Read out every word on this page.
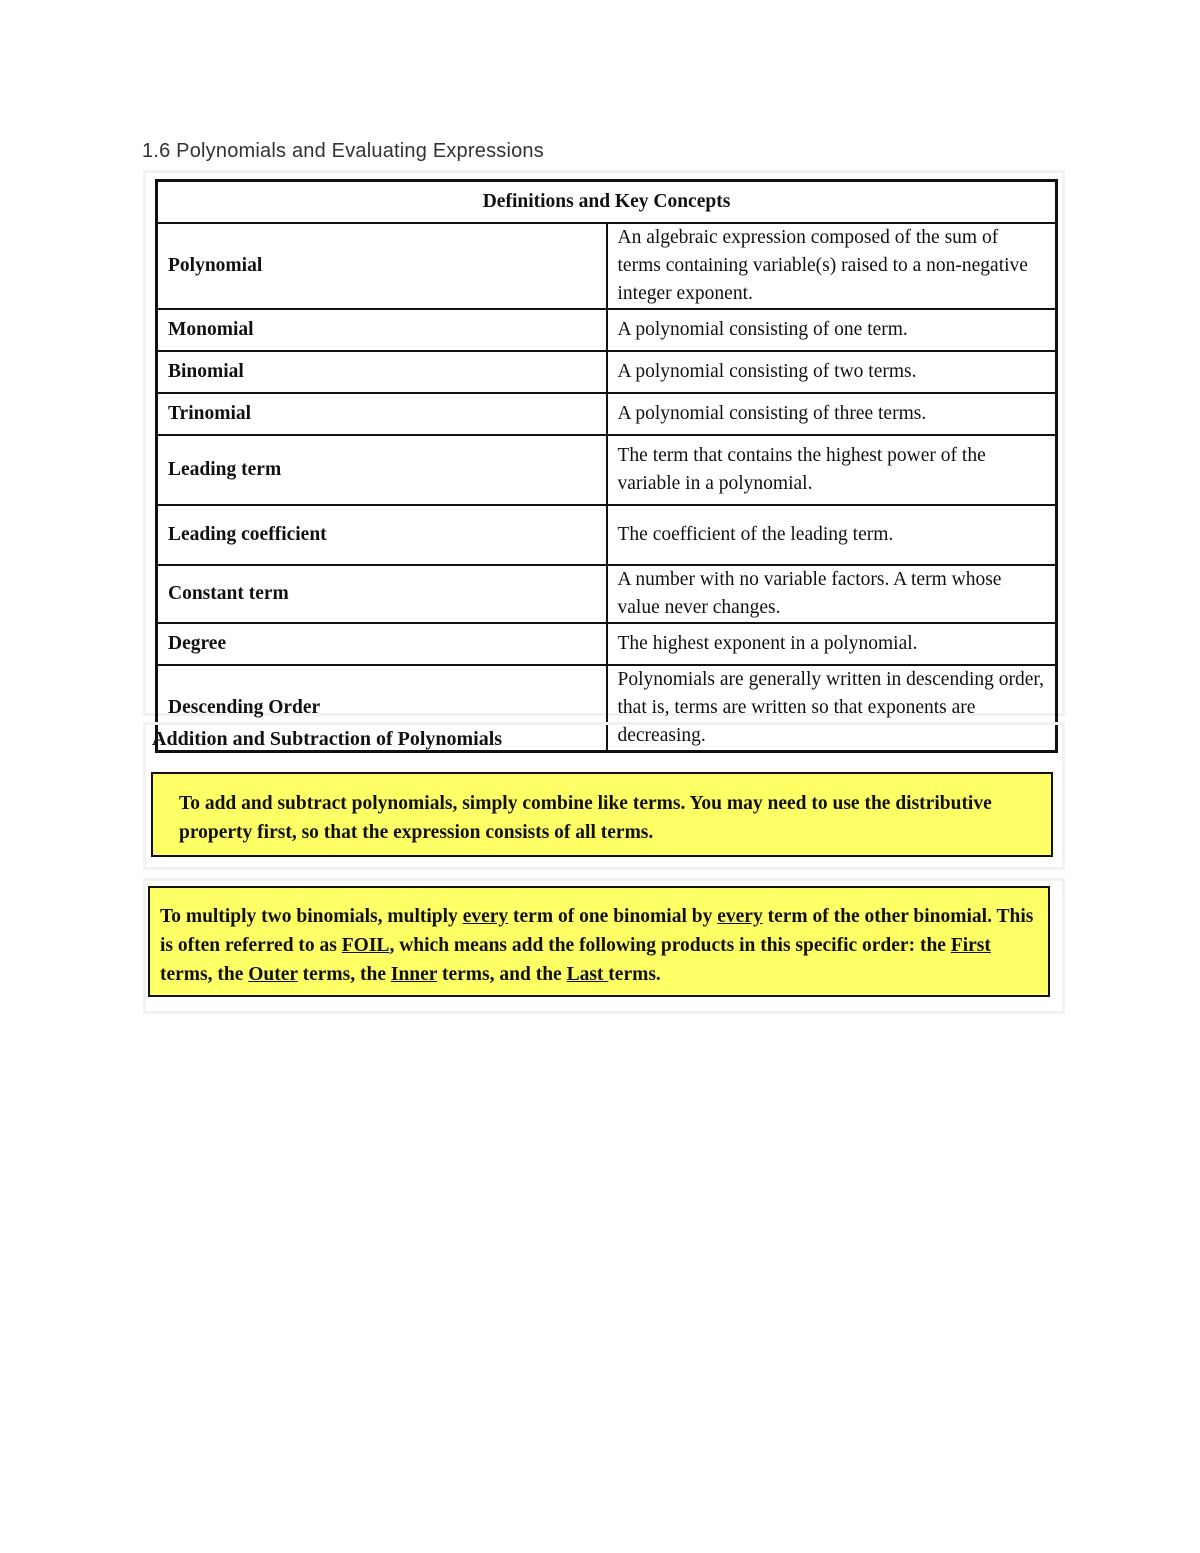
1.6 Polynomials and Evaluating Expressions
Definitions and Key Concepts	
Polynomial	An algebraic expression composed of the sum of terms containing variable(s) raised to a non-negative integer exponent.
Monomial	A polynomial consisting of one term.
Binomial	A polynomial consisting of two terms.
Trinomial	A polynomial consisting of three terms.
Leading term	The term that contains the highest power of the variable in a polynomial.
Leading coefficient	The coefficient of the leading term.
Constant term	A number with no variable factors. A term whose value never changes.
Degree	The highest exponent in a polynomial.
Descending Order	Polynomials are generally written in descending order, that is, terms are written so that exponents are decreasing.
Addition and Subtraction of Polynomials
To add and subtract polynomials, simply combine like terms. You may need to use the distributive property first, so that the expression consists of all terms.
To multiply two binomials, multiply every term of one binomial by every term of the other binomial. This is often referred to as FOIL, which means add the following products in this specific order: the First terms, the Outer terms, the Inner terms, and the Last terms.
